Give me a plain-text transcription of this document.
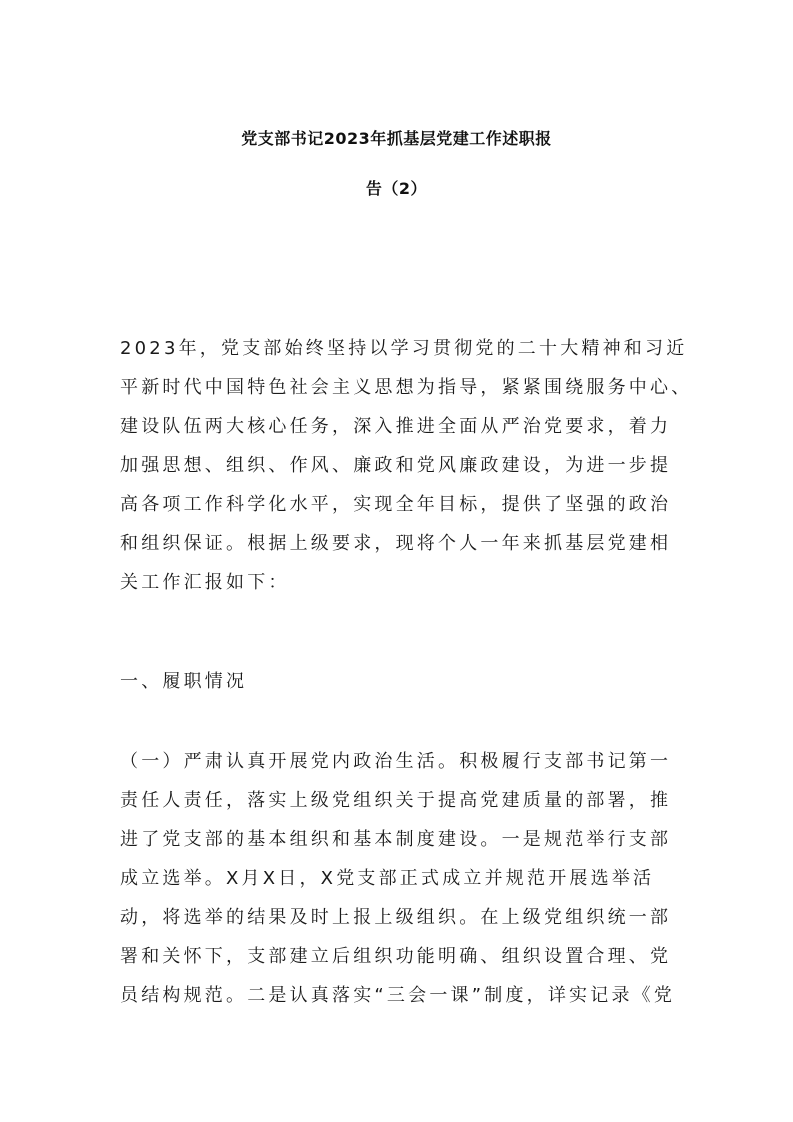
党支部书记2023年抓基层党建工作述职报
告（2）
2023年，党支部始终坚持以学习贯彻党的二十大精神和习近
平新时代中国特色社会主义思想为指导，紧紧围绕服务中心、
建设队伍两大核心任务，深入推进全面从严治党要求，着力
加强思想、组织、作风、廉政和党风廉政建设，为进一步提
高各项工作科学化水平，实现全年目标，提供了坚强的政治
和组织保证。根据上级要求，现将个人一年来抓基层党建相
关工作汇报如下：
一、履职情况
（一）严肃认真开展党内政治生活。积极履行支部书记第一
责任人责任，落实上级党组织关于提高党建质量的部署，推
进了党支部的基本组织和基本制度建设。一是规范举行支部
成立选举。X月X日，X党支部正式成立并规范开展选举活
动，将选举的结果及时上报上级组织。在上级党组织统一部
署和关怀下，支部建立后组织功能明确、组织设置合理、党
员结构规范。二是认真落实“三会一课”制度，详实记录《党
